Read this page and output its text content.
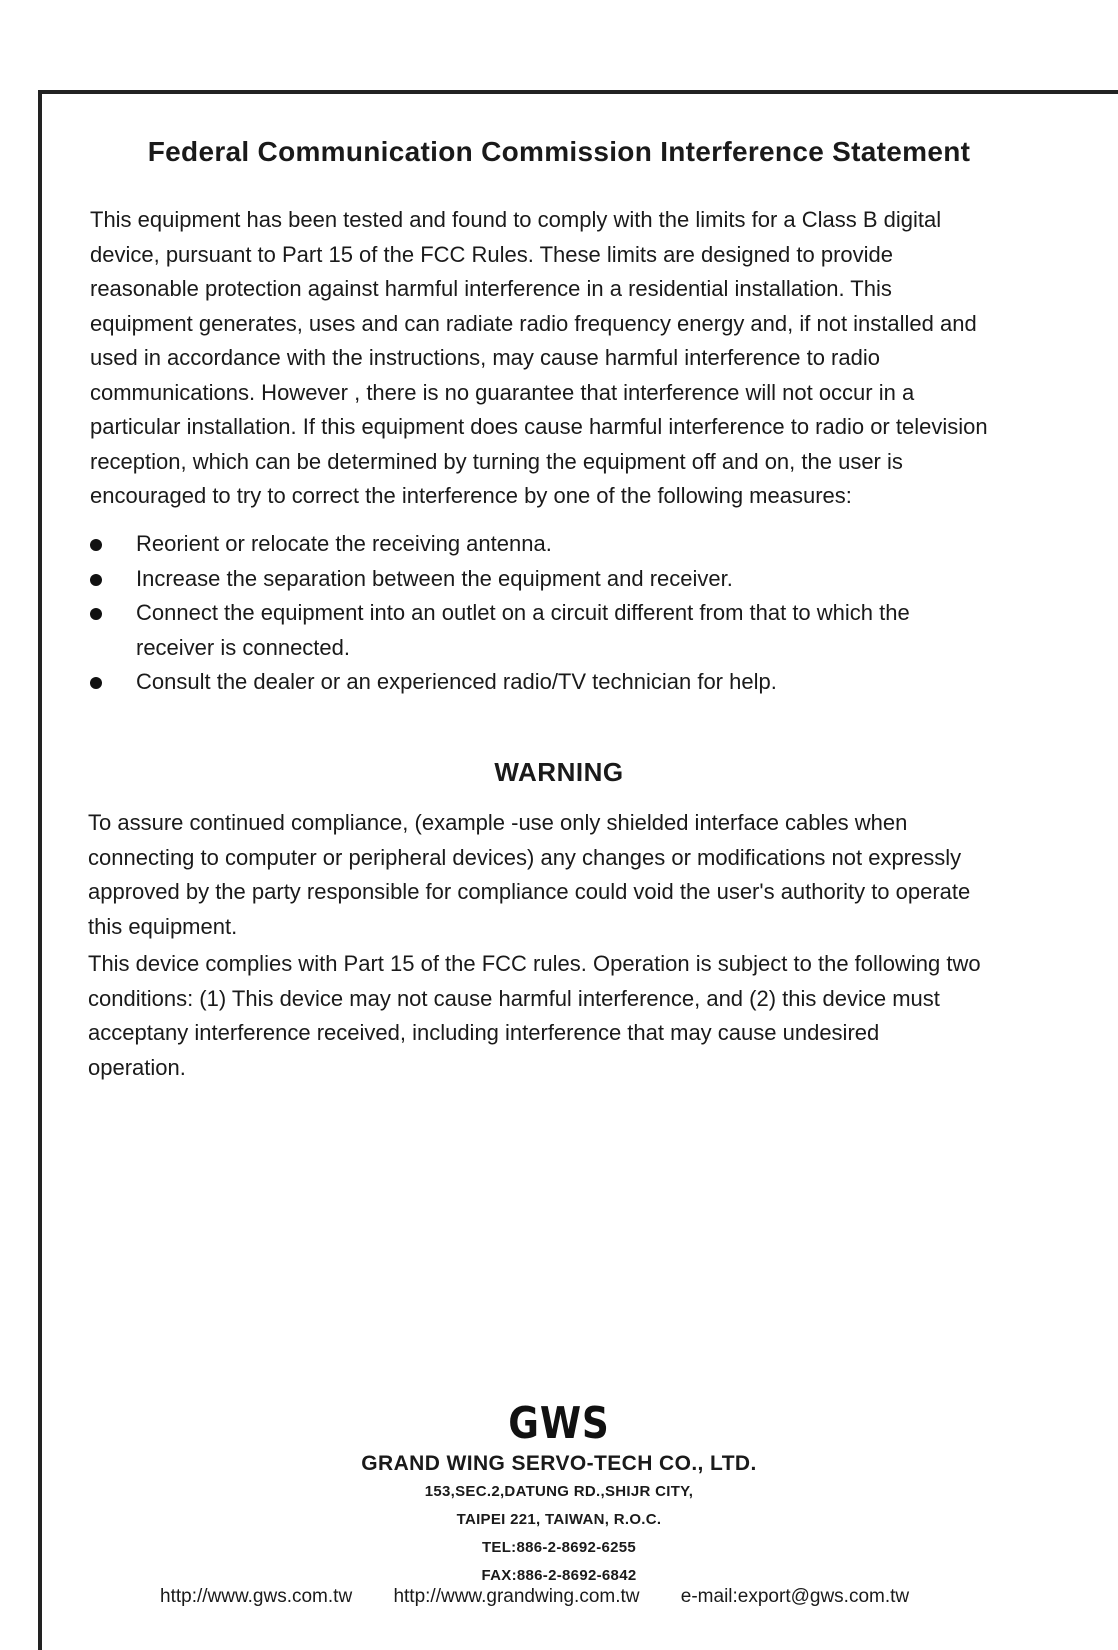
Federal Communication Commission Interference Statement
This equipment has been tested and found to comply with the limits for a Class B digital
device, pursuant to Part 15 of the FCC Rules. These limits are designed to provide
reasonable protection against harmful interference in a residential installation. This
equipment generates, uses and can radiate radio frequency energy and, if not installed and
used in accordance with the instructions, may cause harmful interference to radio
communications. However , there is no guarantee that interference will not occur in a
particular installation. If this equipment does cause harmful interference to radio or television
reception, which can be determined by turning the equipment off and on, the user is
encouraged to try to correct the interference by one of the following measures:
Reorient or relocate the receiving antenna.
Increase the separation between the equipment and receiver.
Connect the equipment into an outlet on a circuit different from that to which the
receiver is connected.
Consult the dealer or an experienced radio/TV technician for help.
WARNING
To assure continued compliance, (example -use only shielded interface cables when
connecting to computer or peripheral devices) any changes or modifications not expressly
approved by the party responsible for compliance could void the user's authority to operate
this equipment.
This device complies with Part 15 of the FCC rules. Operation is subject to the following two
conditions: (1) This device may not cause harmful interference, and (2) this device must
acceptany interference received, including interference that may cause undesired
operation.
GWS
GRAND WING SERVO-TECH CO., LTD.
153,SEC.2,DATUNG RD.,SHIJR CITY,
TAIPEI 221, TAIWAN, R.O.C.
TEL:886-2-8692-6255
FAX:886-2-8692-6842
http://www.gws.com.tw http://www.grandwing.com.tw e-mail:export@gws.com.tw
